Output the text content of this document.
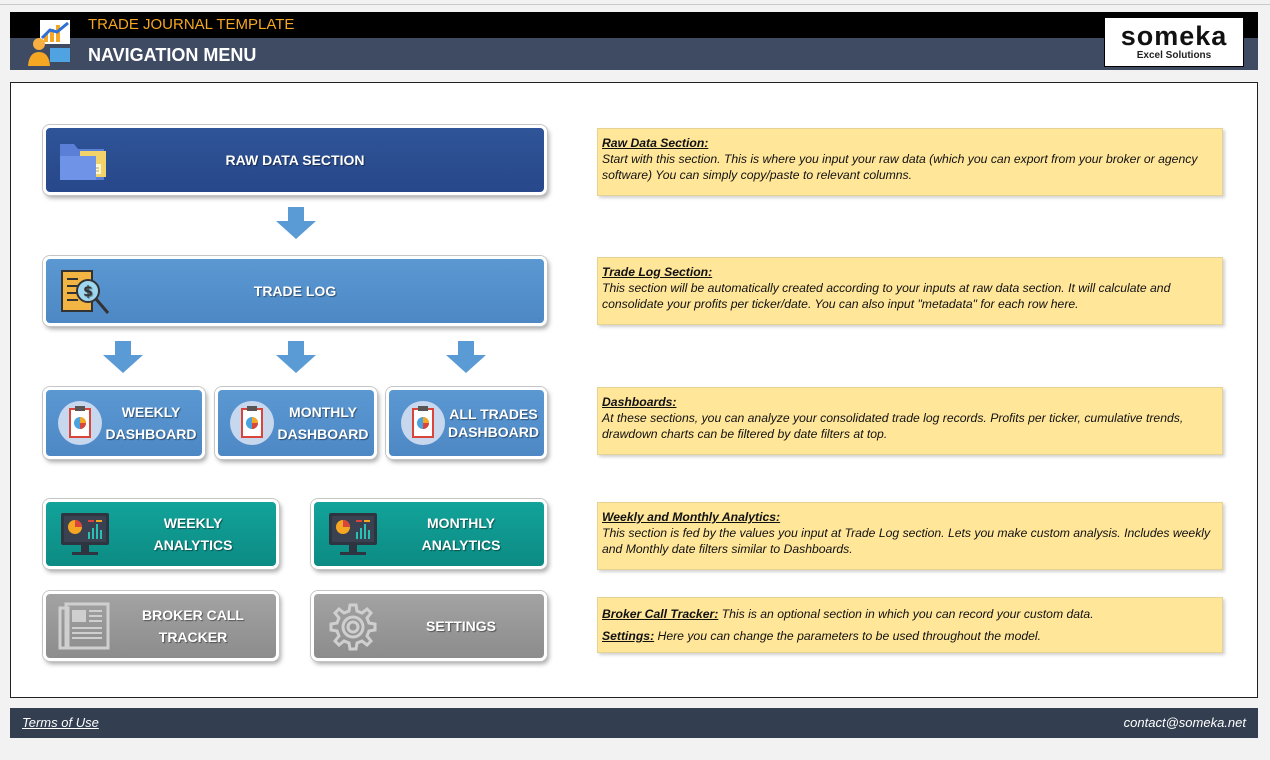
TRADE JOURNAL TEMPLATE
NAVIGATION MENU
someka
Excel Solutions
RAW DATA SECTION
$	TRADE LOG
WEEKLY
DASHBOARD
MONTHLY
DASHBOARD
ALL TRADES
DASHBOARD
WEEKLY
ANALYTICS
MONTHLY
ANALYTICS
BROKER CALL
TRACKER
SETTINGS
Raw Data Section:
Start with this section. This is where you input your raw data (which you can export from your broker or agency software) You can simply copy/paste to relevant columns.
Trade Log Section:
This section will be automatically created according to your inputs at raw data section. It will calculate and consolidate your profits per ticker/date. You can also input "metadata" for each row here.
Dashboards:
At these sections, you can analyze your consolidated trade log records. Profits per ticker, cumulative trends, drawdown charts can be filtered by date filters at top.
Weekly and Monthly Analytics:
This section is fed by the values you input at Trade Log section. Lets you make custom analysis. Includes weekly and Monthly date filters similar to Dashboards.
Broker Call Tracker: This is an optional section in which you can record your custom data.
Settings: Here you can change the parameters to be used throughout the model.
Terms of Use	contact@someka.net
